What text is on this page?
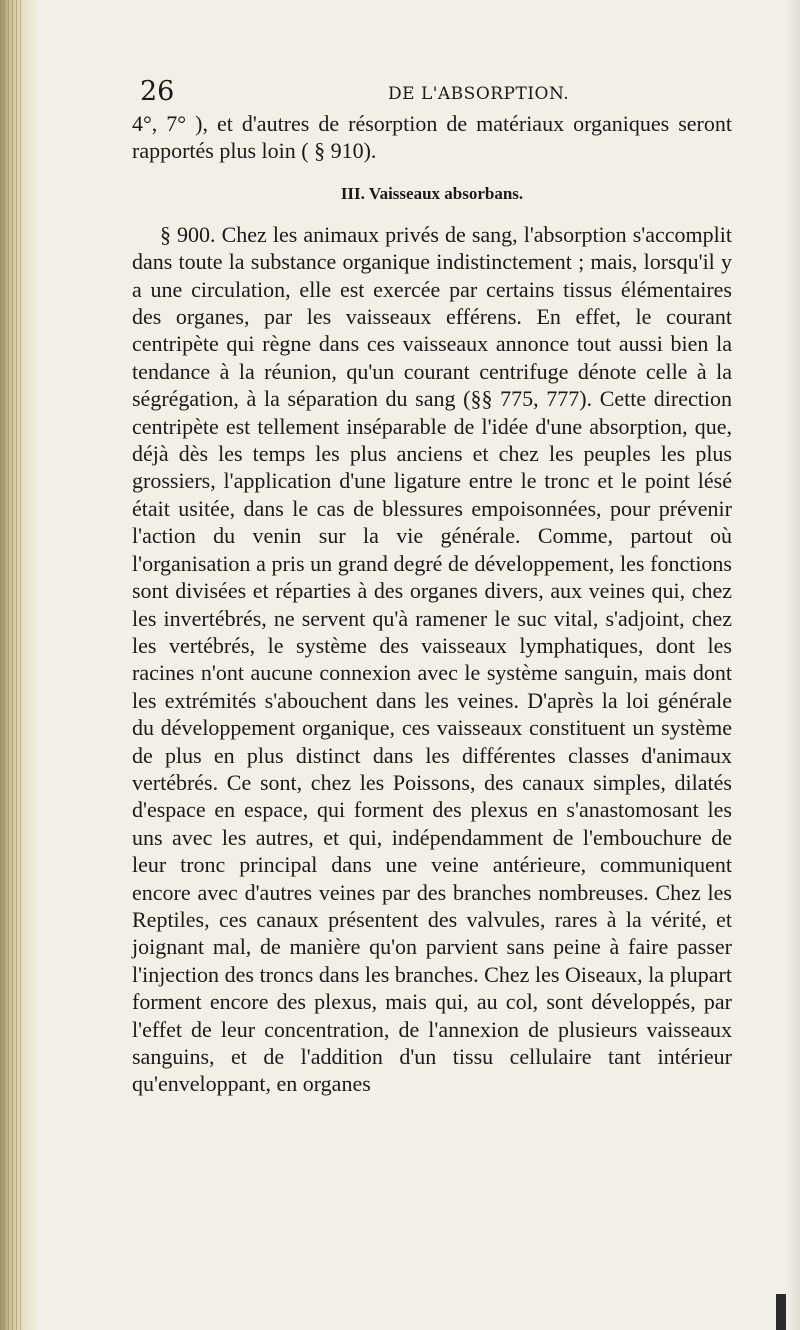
26	DE L'ABSORPTION.

4°, 7° ), et d'autres de résorption de matériaux organiques seront rapportés plus loin ( § 910).

III. Vaisseaux absorbans.

§ 900. Chez les animaux privés de sang, l'absorption s'accomplit dans toute la substance organique indistinctement ; mais, lorsqu'il y a une circulation, elle est exercée par certains tissus élémentaires des organes, par les vaisseaux efférens. En effet, le courant centripète qui règne dans ces vaisseaux annonce tout aussi bien la tendance à la réunion, qu'un courant centrifuge dénote celle à la ségrégation, à la séparation du sang (§§ 775, 777). Cette direction centripète est tellement inséparable de l'idée d'une absorption, que, déjà dès les temps les plus anciens et chez les peuples les plus grossiers, l'application d'une ligature entre le tronc et le point lésé était usitée, dans le cas de blessures empoisonnées, pour prévenir l'action du venin sur la vie générale. Comme, partout où l'organisation a pris un grand degré de développement, les fonctions sont divisées et réparties à des organes divers, aux veines qui, chez les invertébrés, ne servent qu'à ramener le suc vital, s'adjoint, chez les vertébrés, le système des vaisseaux lymphatiques, dont les racines n'ont aucune connexion avec le système sanguin, mais dont les extrémités s'abouchent dans les veines. D'après la loi générale du développement organique, ces vaisseaux constituent un système de plus en plus distinct dans les différentes classes d'animaux vertébrés. Ce sont, chez les Poissons, des canaux simples, dilatés d'espace en espace, qui forment des plexus en s'anastomosant les uns avec les autres, et qui, indépendamment de l'embouchure de leur tronc principal dans une veine antérieure, communiquent encore avec d'autres veines par des branches nombreuses. Chez les Reptiles, ces canaux présentent des valvules, rares à la vérité, et joignant mal, de manière qu'on parvient sans peine à faire passer l'injection des troncs dans les branches. Chez les Oiseaux, la plupart forment encore des plexus, mais qui, au col, sont développés, par l'effet de leur concentration, de l'annexion de plusieurs vaisseaux sanguins, et de l'addition d'un tissu cellulaire tant intérieur qu'enveloppant, en organes
